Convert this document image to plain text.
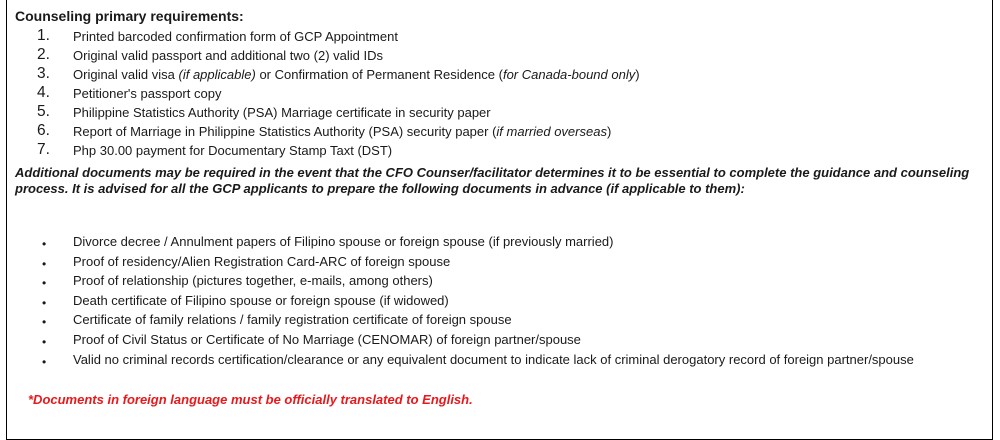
Counseling primary requirements:
1. Printed barcoded confirmation form of GCP Appointment
2. Original valid passport and additional two (2) valid IDs
3. Original valid visa (if applicable) or Confirmation of Permanent Residence (for Canada-bound only)
4. Petitioner's passport copy
5. Philippine Statistics Authority (PSA) Marriage certificate in security paper
6. Report of Marriage in Philippine Statistics Authority (PSA) security paper (if married overseas)
7. Php 30.00 payment for Documentary Stamp Taxt (DST)

Additional documents may be required in the event that the CFO Counser/facilitator determines it to be essential to complete the guidance and counseling process. It is advised for all the GCP applicants to prepare the following documents in advance (if applicable to them):

• Divorce decree / Annulment papers of Filipino spouse or foreign spouse (if previously married)
• Proof of residency/Alien Registration Card-ARC of foreign spouse
• Proof of relationship (pictures together, e-mails, among others)
• Death certificate of Filipino spouse or foreign spouse (if widowed)
• Certificate of family relations / family registration certificate of foreign spouse
• Proof of Civil Status or Certificate of No Marriage (CENOMAR) of foreign partner/spouse
• Valid no criminal records certification/clearance or any equivalent document to indicate lack of criminal derogatory record of foreign partner/spouse

*Documents in foreign language must be officially translated to English.
